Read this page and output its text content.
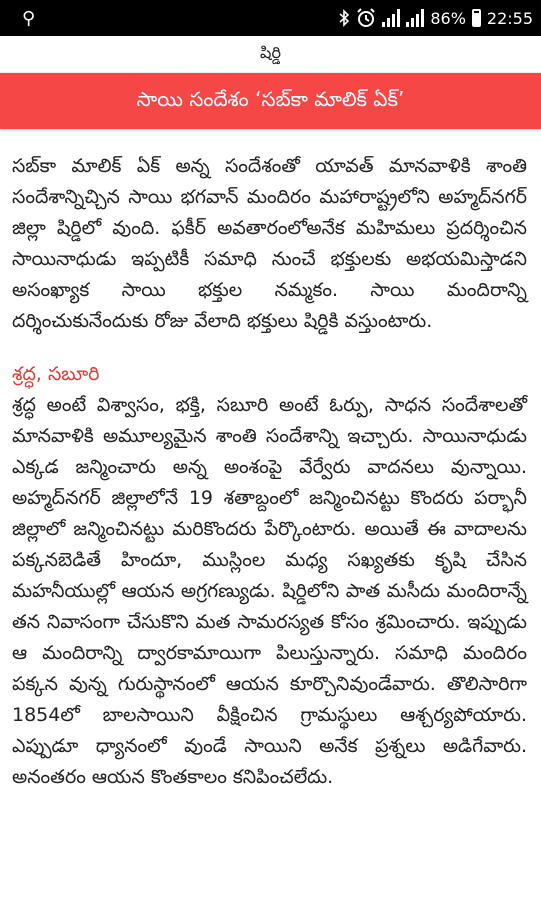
⚲	86% 22:55
షిర్డి
సాయి సందేశం ‘సబ్‌కా మాలిక్ ఏక్’

సబ్‌కా మాలిక్ ఏక్ అన్న సందేశంతో యావత్ మానవాళికి శాంతి సందేశాన్నిచ్చిన సాయి భగవాన్ మందిరం మహారాష్ట్రలోని అహ్మద్‌నగర్ జిల్లా షిర్డిలో వుంది. ఫకీర్ అవతారంలోఅనేక మహిమలు ప్రదర్శించిన సాయినాధుడు ఇప్పటికీ సమాధి నుంచే భక్తులకు అభయమిస్తాడని అసంఖ్యాక సాయి భక్తుల నమ్మకం. సాయి మందిరాన్ని దర్శించుకునేందుకు రోజు వేలాది భక్తులు షిర్డికి వస్తుంటారు.

శ్రద్ధ, సబూరి

శ్రద్ధ అంటే విశ్వాసం, భక్తి, సబూరి అంటే ఓర్పు, సాధన సందేశాలతో మానవాళికి అమూల్యమైన శాంతి సందేశాన్ని ఇచ్చారు. సాయినాధుడు ఎక్కడ జన్మించారు అన్న అంశంపై వేర్వేరు వాదనలు వున్నాయి. అహ్మద్‌నగర్ జిల్లాలోనే 19 శతాబ్దంలో జన్మించినట్టు కొందరు పర్భానీ జిల్లాలో జన్మించినట్టు మరికొందరు పేర్కొంటారు. అయితే ఈ వాదాలను పక్కనబెడితే హిందూ, ముస్లింల మధ్య సఖ్యతకు కృషి చేసిన మహనీయుల్లో ఆయన అగ్రగణ్యుడు. షిర్డిలోని పాత మసీదు మందిరాన్నే తన నివాసంగా చేసుకొని మత సామరస్యత కోసం శ్రమించారు. ఇప్పుడు ఆ మందిరాన్ని ద్వారకామాయిగా పిలుస్తున్నారు. సమాధి మందిరం పక్కన వున్న గురుస్థానంలో ఆయన కూర్చొనివుండేవారు. తొలిసారిగా 1854లో బాలసాయిని వీక్షించిన గ్రామస్థులు ఆశ్చర్యపోయారు. ఎప్పుడూ ధ్యానంలో వుండే సాయిని అనేక ప్రశ్నలు అడిగేవారు. అనంతరం ఆయన కొంతకాలం కనిపించలేదు.
